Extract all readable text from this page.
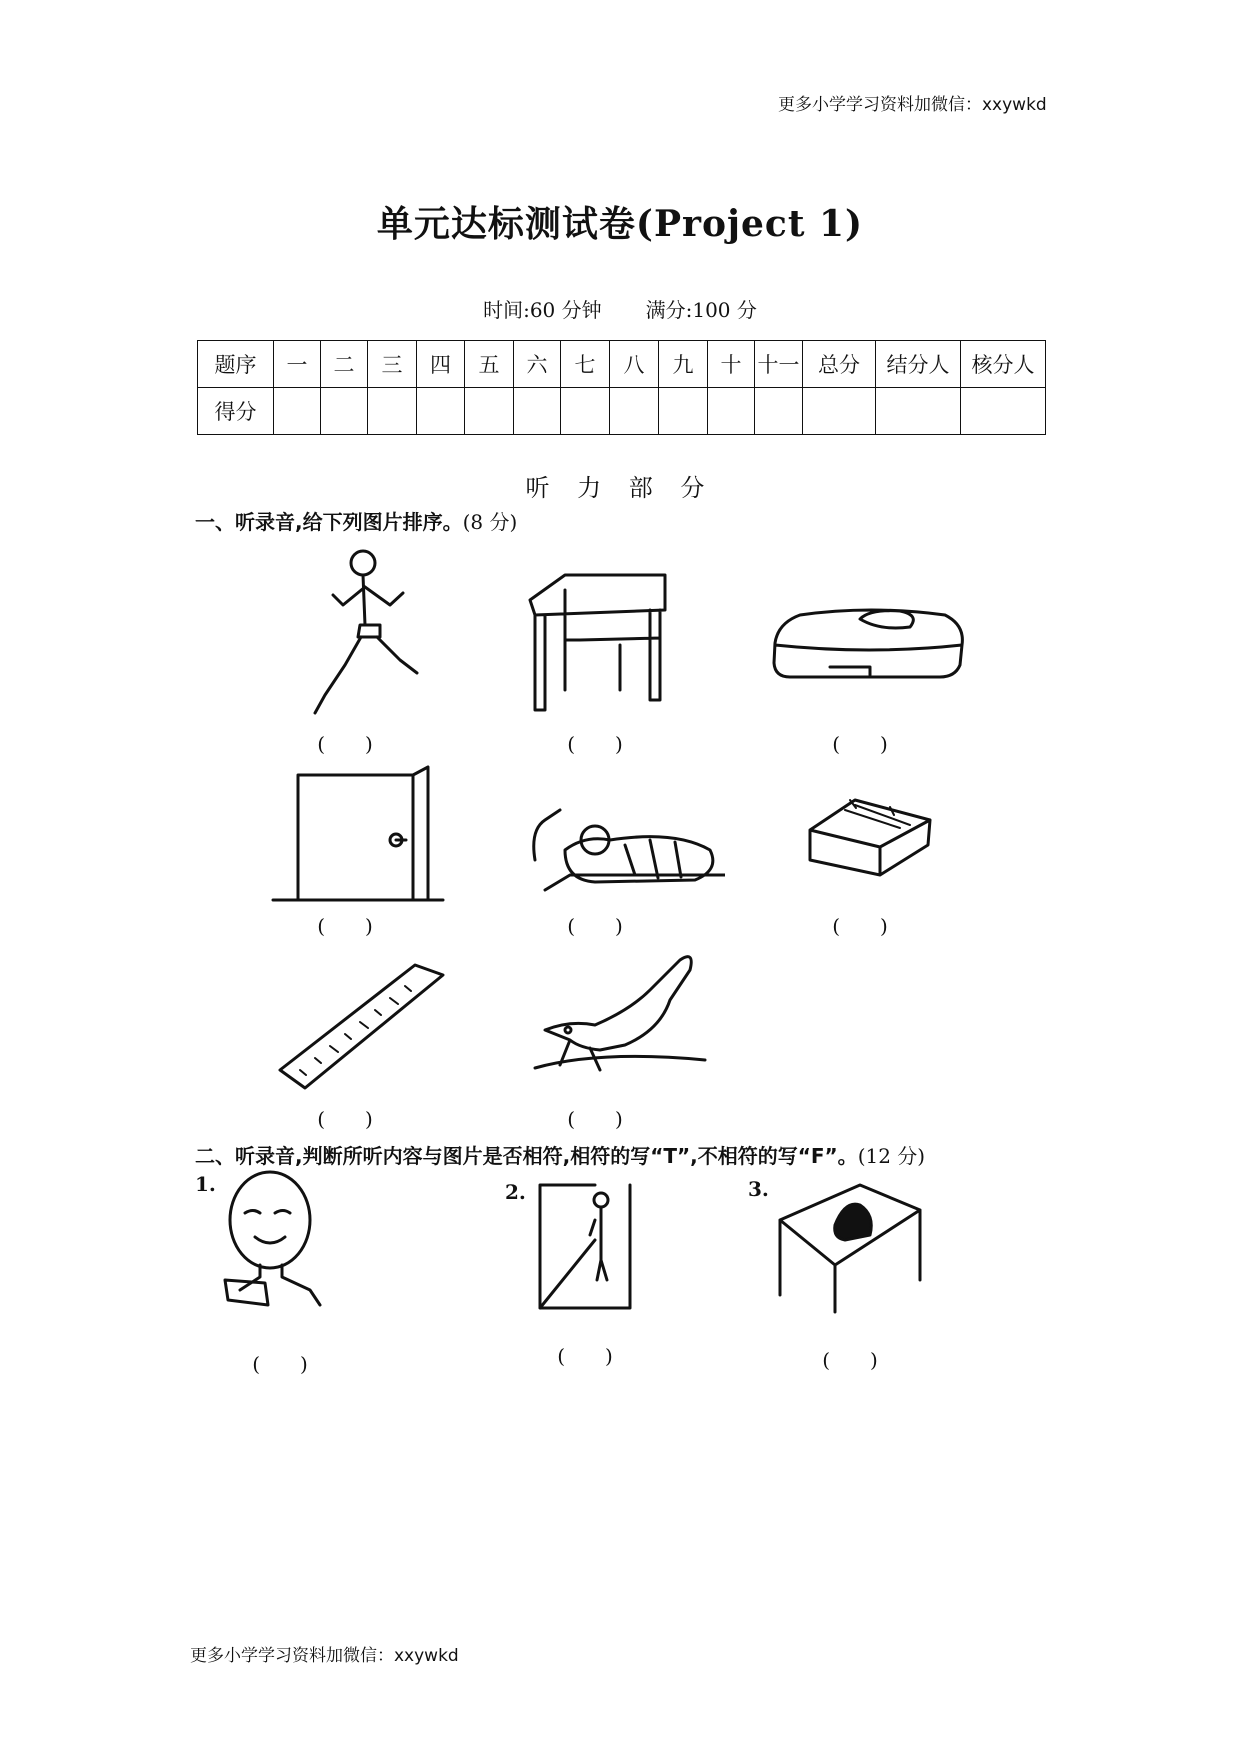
更多小学学习资料加微信：xxywkd
单元达标测试卷(Project 1)
时间:60 分钟 满分:100 分
题序	一	二	三	四	五	六	七	八	九	十	十一	总分	结分人	核分人
得分														
听 力 部 分
一、听录音,给下列图片排序。(8 分)
(　　)	(　　)	(　　)
(　　)	(　　)	(　　)
(　　)	(　　)
二、听录音,判断所听内容与图片是否相符,相符的写“T”,不相符的写“F”。(12 分)
1.	2.	3.
(　　)	(　　)	(　　)
更多小学学习资料加微信：xxywkd
